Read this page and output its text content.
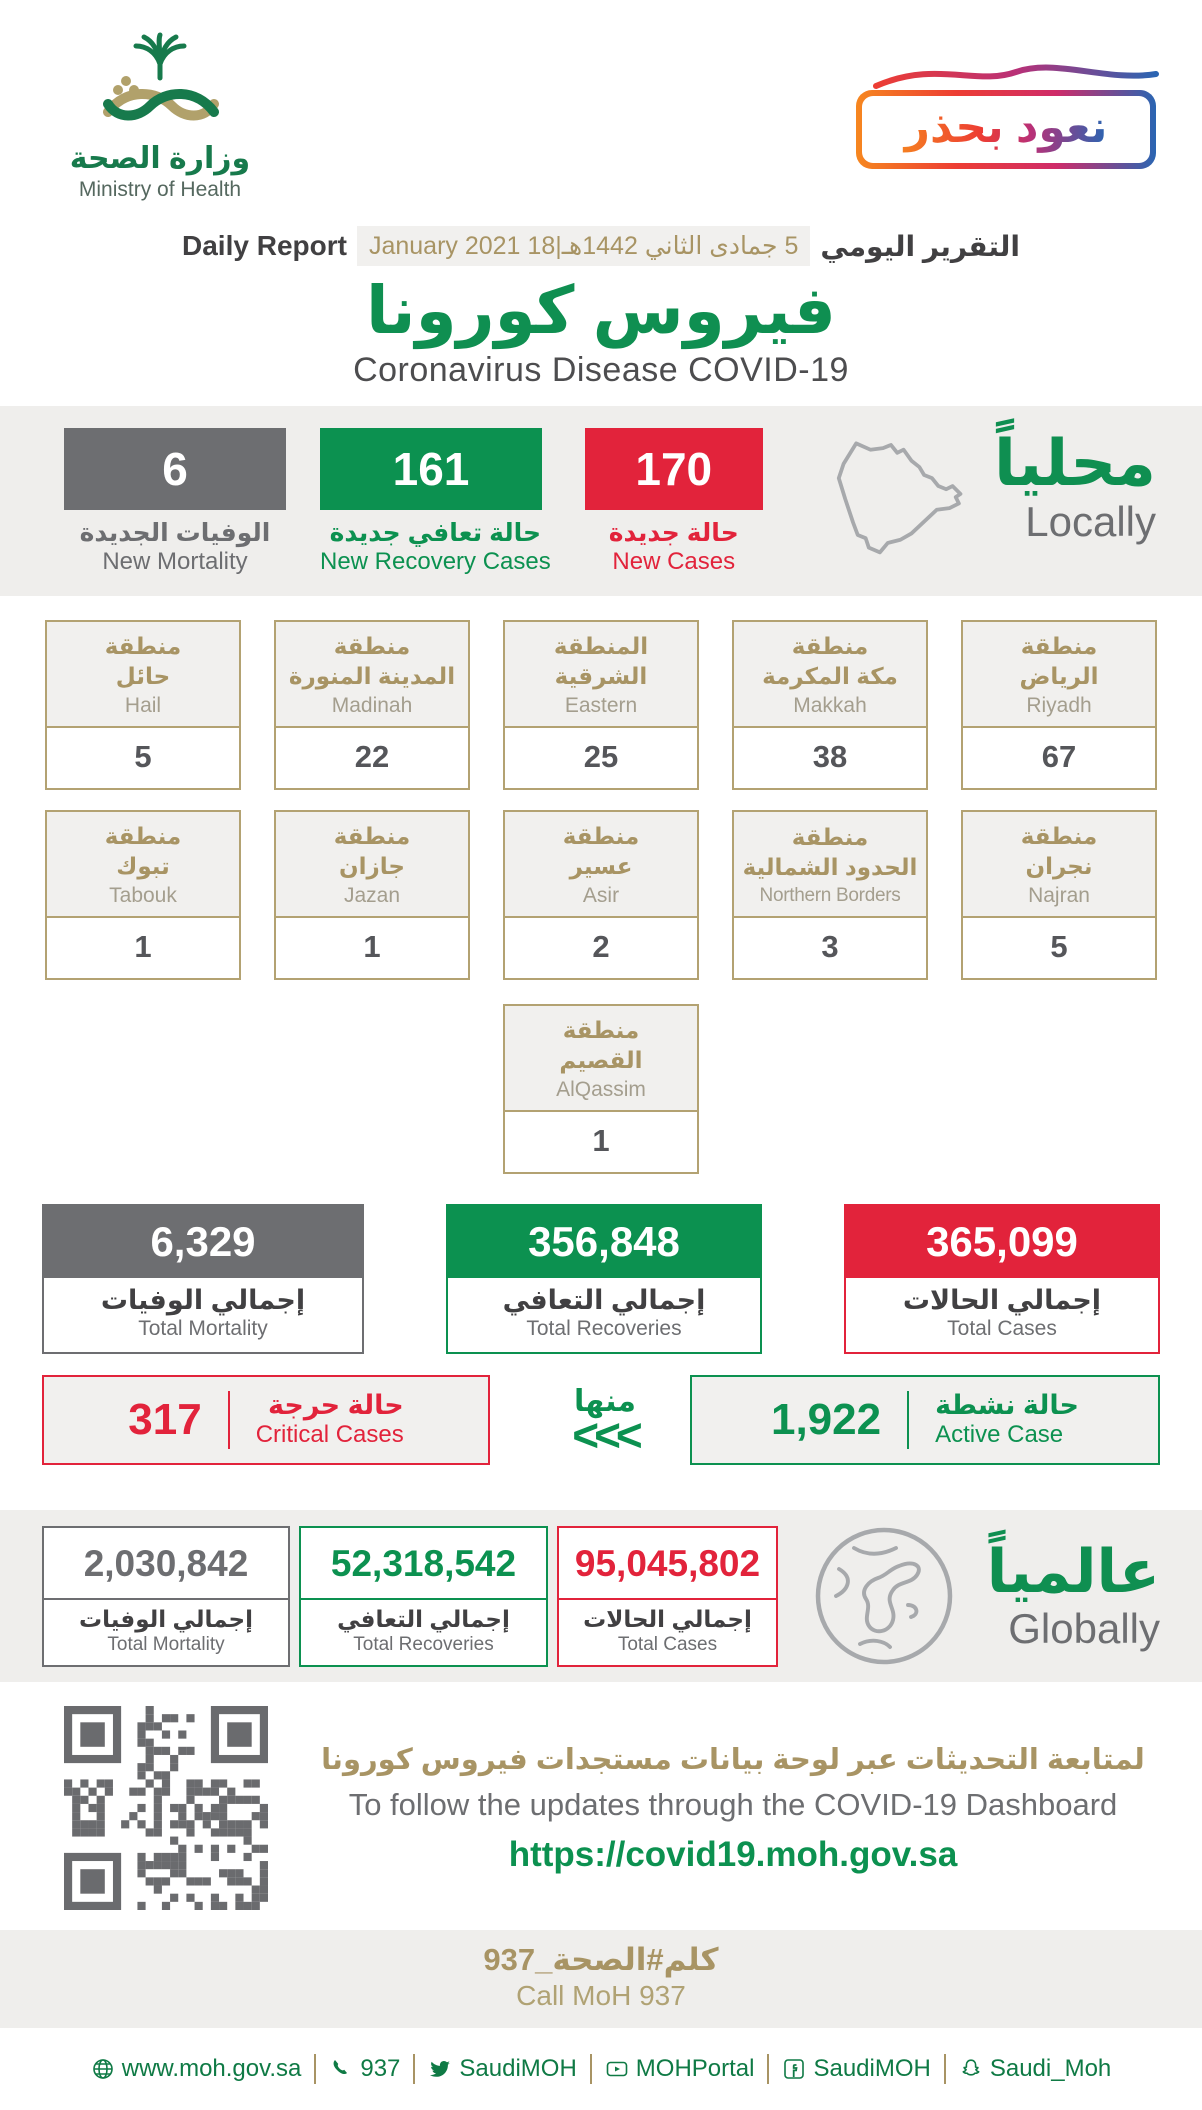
وزارة الصحة
Ministry of Health
نعود بحذر
Daily Report 5 جمادى الثاني 1442هـ|18 January 2021 التقرير اليومي
فيروس كورونا
Coronavirus Disease COVID-19
6
الوفيات الجديدة
New Mortality
161
حالة تعافي جديدة
New Recovery Cases
170
حالة جديدة
New Cases
محلياً
Locally
منطقة
الرياض
Riyadh
67
منطقة
مكة المكرمة
Makkah
38
المنطقة
الشرقية
Eastern
25
منطقة
المدينة المنورة
Madinah
22
منطقة
حائل
Hail
5
منطقة
نجران
Najran
5
منطقة
الحدود الشمالية
Northern Borders
3
منطقة
عسير
Asir
2
منطقة
جازان
Jazan
1
منطقة
تبوك
Tabouk
1
منطقة
القصيم
AlQassim
1
6,329
إجمالي الوفيات
Total Mortality
356,848
إجمالي التعافي
Total Recoveries
365,099
إجمالي الحالات
Total Cases
317	حالة حرجة
Critical Cases
منها
<<<	1,922 حالة نشطة
Active Case
2,030,842
إجمالي الوفيات
Total Mortality
52,318,542
إجمالي التعافي
Total Recoveries
95,045,802
إجمالي الحالات
Total Cases
عالمياً
Globally
لمتابعة التحديثات عبر لوحة بيانات مستجدات فيروس كورونا
To follow the updates through the COVID-19 Dashboard
https://covid19.moh.gov.sa
كلم#الصحة_937
Call MoH 937
www.moh.gov.sa 937 SaudiMOH MOHPortal SaudiMOH Saudi_Moh
